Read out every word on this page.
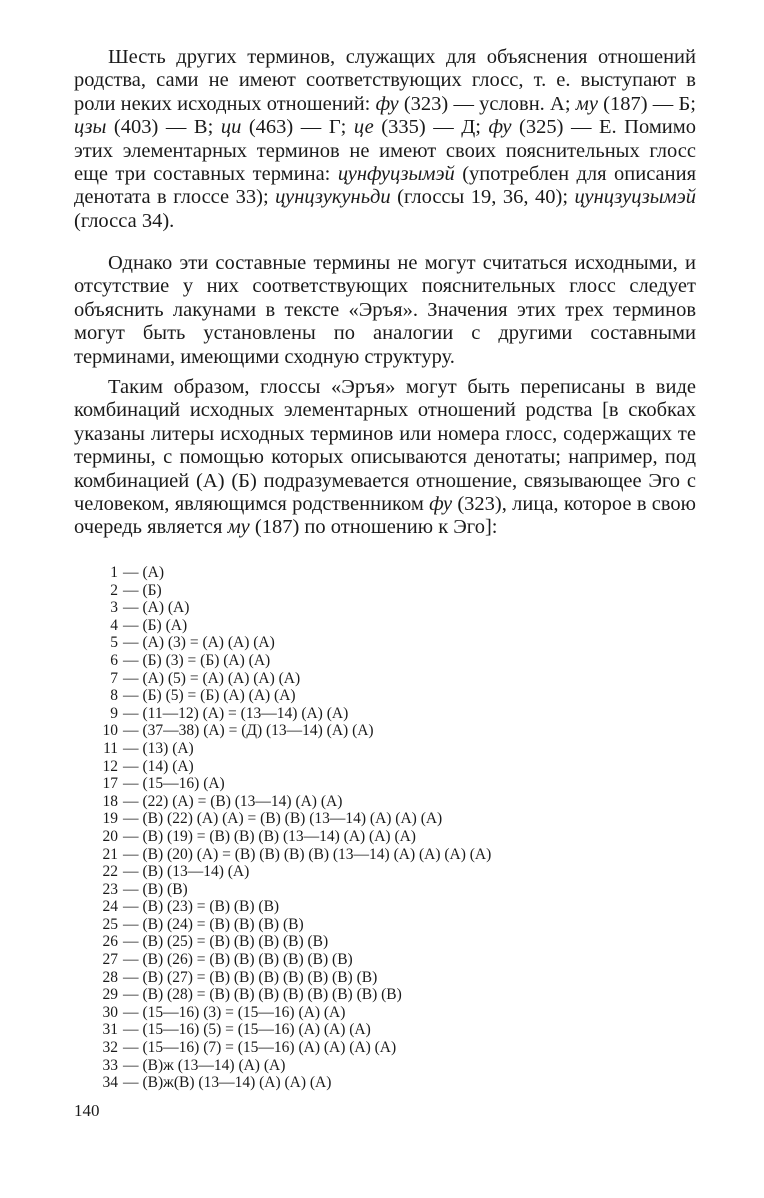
Шесть других терминов, служащих для объяснения отношений родства, сами не имеют соответствующих глосс, т. е. выступают в роли неких исходных отношений: фу (323) — условн. А; му (187) — Б; цзы (403) — В; ци (463) — Г; це (335) — Д; фу (325) — Е. Помимо этих элементарных терминов не имеют своих пояснительных глосс еще три составных термина: цунфуцзымэй (употреблен для описания денотата в глоссе 33); цунцзукуньди (глоссы 19, 36, 40); цунцзуцзымэй (глосса 34).

Однако эти составные термины не могут считаться исходными, и отсутствие у них соответствующих пояснительных глосс следует объяснить лакунами в тексте «Эръя». Значения этих трех терминов могут быть установлены по аналогии с другими составными терминами, имеющими сходную структуру.

Таким образом, глоссы «Эръя» могут быть переписаны в виде комбинаций исходных элементарных отношений родства [в скобках указаны литеры исходных терминов или номера глосс, содержащих те термины, с помощью которых описываются денотаты; например, под комбинацией (А) (Б) подразумевается отношение, связывающее Эго с человеком, являющимся родственником фу (323), лица, которое в свою очередь является му (187) по отношению к Эго]:

1 — (А)
2 — (Б)
3 — (А) (А)
4 — (Б) (А)
5 — (А) (3) = (А) (А) (А)
6 — (Б) (3) = (Б) (А) (А)
7 — (А) (5) = (А) (А) (А) (А)
8 — (Б) (5) = (Б) (А) (А) (А)
9 — (11—12) (А) = (13—14) (А) (А)
10 — (37—38) (А) = (Д) (13—14) (А) (А)
11 — (13) (А)
12 — (14) (А)
17 — (15—16) (А)
18 — (22) (А) = (В) (13—14) (А) (А)
19 — (В) (22) (А) (А) = (В) (В) (13—14) (А) (А) (А)
20 — (В) (19) = (В) (В) (В) (13—14) (А) (А) (А)
21 — (В) (20) (А) = (В) (В) (В) (В) (13—14) (А) (А) (А) (А)
22 — (В) (13—14) (А)
23 — (В) (В)
24 — (В) (23) = (В) (В) (В)
25 — (В) (24) = (В) (В) (В) (В)
26 — (В) (25) = (В) (В) (В) (В) (В)
27 — (В) (26) = (В) (В) (В) (В) (В) (В)
28 — (В) (27) = (В) (В) (В) (В) (В) (В) (В)
29 — (В) (28) = (В) (В) (В) (В) (В) (В) (В) (В)
30 — (15—16) (3) = (15—16) (А) (А)
31 — (15—16) (5) = (15—16) (А) (А) (А)
32 — (15—16) (7) = (15—16) (А) (А) (А) (А)
33 — (В)ж (13—14) (А) (А)
34 — (В)ж(В) (13—14) (А) (А) (А)
140
